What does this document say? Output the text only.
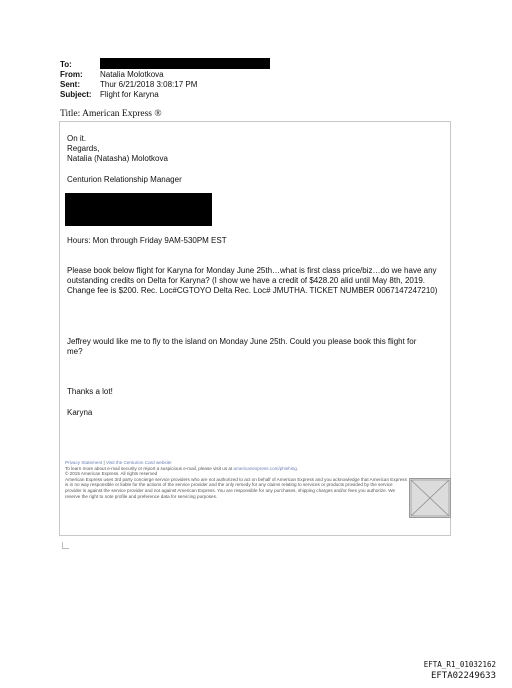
To:
From:	Natalia Molotkova
Sent:	Thur 6/21/2018 3:08:17 PM
Subject:	Flight for Karyna
Title: American Express ®
On it.
Regards,
Natalia (Natasha) Molotkova
Centurion Relationship Manager
Hours: Mon through Friday 9AM-530PM EST
Please book below flight for Karyna for Monday June 25th…what is first class price/biz…do we have any outstanding credits on Delta for Karyna? (I show we have a credit of $428.20 alid until May 8th, 2019. Change fee is $200. Rec. Loc#CGTOYO Delta Rec. Loc# JMUTHA. TICKET NUMBER 0067147247210)
Jeffrey would like me to fly to the island on Monday June 25th. Could you please book this flight for me?
Thanks a lot!
Karyna
Privacy Statement | Visit the Centurion Card website
To learn more about e-mail security or report a suspicious e-mail, please visit us at americanexpress.com/phishing.
© 2015 American Express. All rights reserved
American Express uses 3rd party concierge service providers who are not authorized to act on behalf of American Express and you acknowledge that American Express is in no way responsible or liable for the actions of the service provider and the only remedy for any claims relating to services or products provided by the service provider is against the service provider and not against American Express. You are responsible for any purchases, shipping charges and/or fees you authorize. We reserve the right to note profile and preference data for servicing purposes.
EFTA_R1_01032162
EFTA02249633
